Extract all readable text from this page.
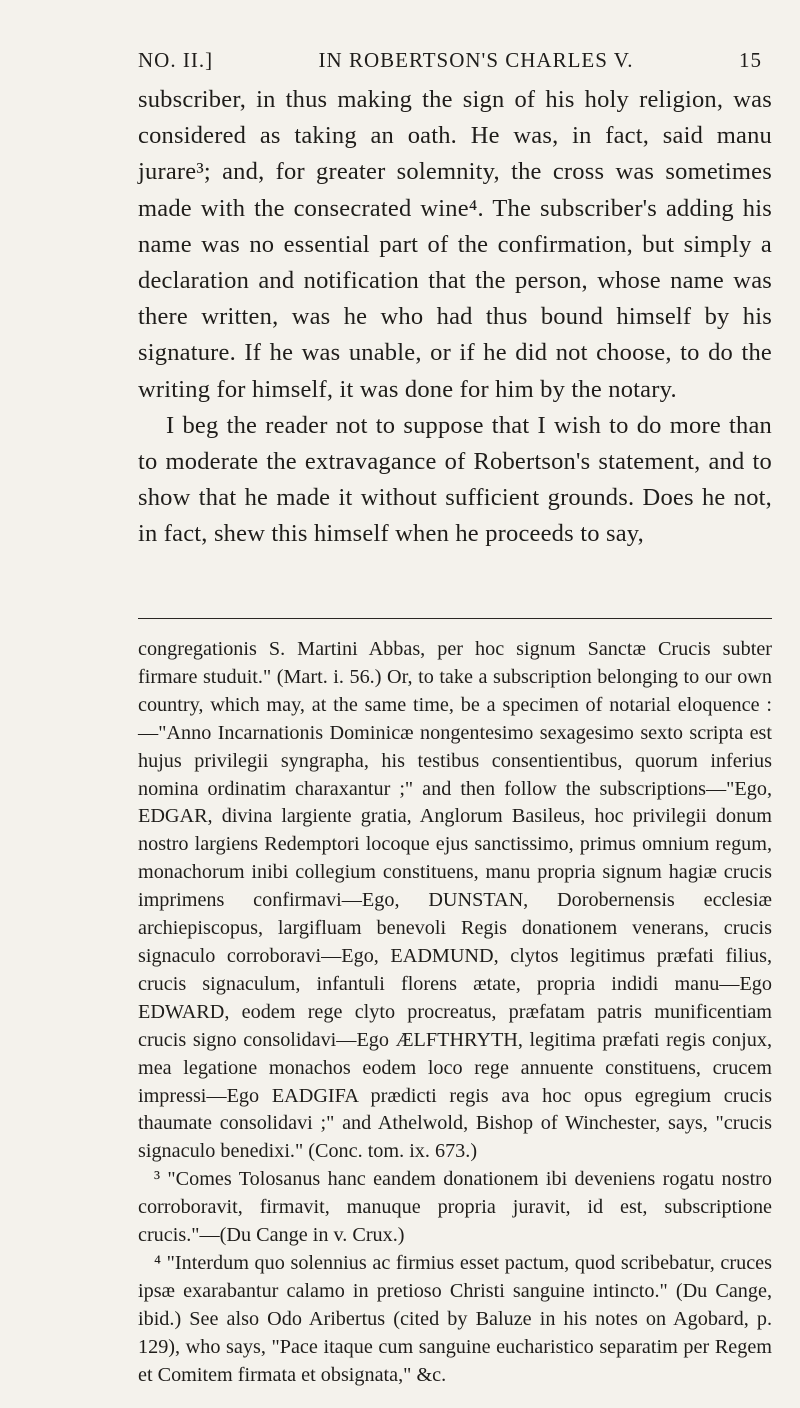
NO. II.]	IN ROBERTSON'S CHARLES V.	15

subscriber, in thus making the sign of his holy religion, was considered as taking an oath. He was, in fact, said manu jurare³; and, for greater solemnity, the cross was sometimes made with the consecrated wine⁴. The subscriber's adding his name was no essential part of the confirmation, but simply a declaration and notification that the person, whose name was there written, was he who had thus bound himself by his signature. If he was unable, or if he did not choose, to do the writing for himself, it was done for him by the notary.

I beg the reader not to suppose that I wish to do more than to moderate the extravagance of Robertson's statement, and to show that he made it without sufficient grounds. Does he not, in fact, shew this himself when he proceeds to say,

congregationis S. Martini Abbas, per hoc signum Sanctæ Crucis subter firmare studuit." (Mart. i. 56.) Or, to take a subscription belonging to our own country, which may, at the same time, be a specimen of notarial eloquence :—"Anno Incarnationis Dominicæ nongentesimo sexagesimo sexto scripta est hujus privilegii syngrapha, his testibus consentientibus, quorum inferius nomina ordinatim charaxantur ;" and then follow the subscriptions—"Ego, EDGAR, divina largiente gratia, Anglorum Basileus, hoc privilegii donum nostro largiens Redemptori locoque ejus sanctissimo, primus omnium regum, monachorum inibi collegium constituens, manu propria signum hagiæ crucis imprimens confirmavi—Ego, DUNSTAN, Dorobernensis ecclesiæ archiepiscopus, largifluam benevoli Regis donationem venerans, crucis signaculo corroboravi—Ego, EADMUND, clytos legitimus præfati filius, crucis signaculum, infantuli florens ætate, propria indidi manu—Ego EDWARD, eodem rege clyto procreatus, præfatam patris munificentiam crucis signo consolidavi—Ego ÆLFTHRYTH, legitima præfati regis conjux, mea legatione monachos eodem loco rege annuente constituens, crucem impressi—Ego EADGIFA prædicti regis ava hoc opus egregium crucis thaumate consolidavi ;" and Athelwold, Bishop of Winchester, says, "crucis signaculo benedixi." (Conc. tom. ix. 673.)

³ "Comes Tolosanus hanc eandem donationem ibi deveniens rogatu nostro corroboravit, firmavit, manuque propria juravit, id est, subscriptione crucis."—(Du Cange in v. Crux.)

⁴ "Interdum quo solennius ac firmius esset pactum, quod scribebatur, cruces ipsæ exarabantur calamo in pretioso Christi sanguine intincto." (Du Cange, ibid.) See also Odo Aribertus (cited by Baluze in his notes on Agobard, p. 129), who says, "Pace itaque cum sanguine eucharistico separatim per Regem et Comitem firmata et obsignata," &c.
